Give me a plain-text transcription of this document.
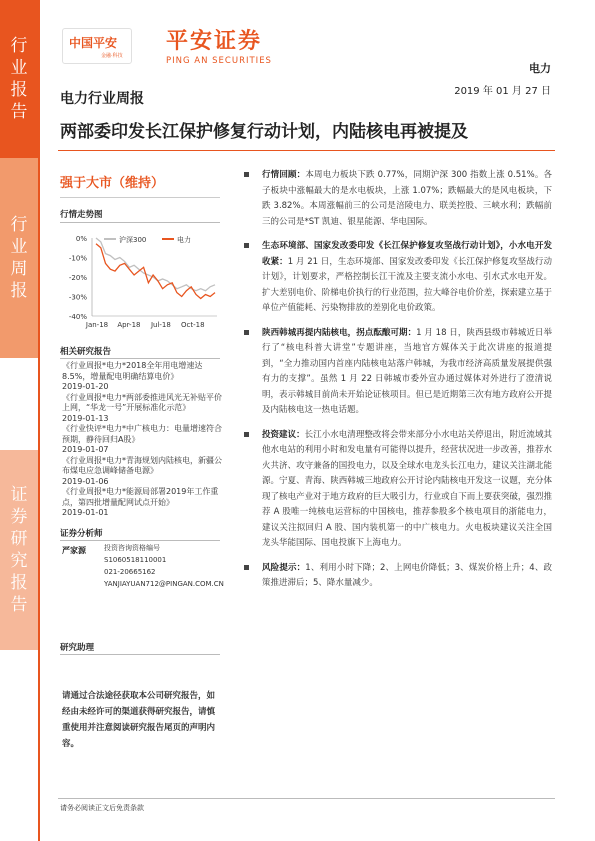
行
业
报
告
行
业
周
报
证
券
研
究
报
告
中国平安
金融·科技
平安证券
PING AN SECURITIES
电力
2019 年 01 月 27 日
电力行业周报
两部委印发长江保护修复行动计划，内陆核电再被提及
强于大市（维持）
行情走势图
0%
-10%
-20%
-30%
-40%
Jan-18 Apr-18 Jul-18 Oct-18
沪深300	电力
相关研究报告
《行业周报*电力*2018全年用电增速达8.5%，增量配电明确结算电价》
2019-01-20
《行业周报*电力*两部委推进风光无补贴平价上网，“华龙一号”开展标准化示范》
2019-01-13
《行业快评*电力*中广核电力：电量增速符合预期，静待回归A股》
2019-01-07
《行业周报*电力*青海规划内陆核电，新疆公布煤电应急调峰储备电源》
2019-01-06
《行业周报*电力*能源局部署2019年工作重点，第四批增量配网试点开始》
2019-01-01
证券分析师
严家源	投资咨询资格编号
S1060518110001
021-20665162
YANJIAYUAN712@PINGAN.COM.CN
研究助理
请通过合法途径获取本公司研究报告，如经由未经许可的渠道获得研究报告，请慎重使用并注意阅读研究报告尾页的声明内容。
行情回顾：本周电力板块下跌 0.77%，同期沪深 300 指数上涨 0.51%。各子板块中涨幅最大的是水电板块，上涨 1.07%；跌幅最大的是风电板块，下跌 3.82%。本周涨幅前三的公司是涪陵电力、联美控股、三峡水利；跌幅前三的公司是*ST 凯迪、银星能源、华电国际。
生态环境部、国家发改委印发《长江保护修复攻坚战行动计划》，小水电开发收紧：1 月 21 日，生态环境部、国家发改委印发《长江保护修复攻坚战行动计划》，计划要求，严格控制长江干流及主要支流小水电、引水式水电开发。扩大差别电价、阶梯电价执行的行业范围，拉大峰谷电价价差，探索建立基于单位产值能耗、污染物排放的差别化电价政策。
陕西韩城再提内陆核电，拐点酝酿可期：1 月 18 日，陕西县级市韩城近日举行了“核电科普大讲堂”专题讲座，当地官方媒体关于此次讲座的报道提到，“全力推动国内首座内陆核电站落户韩城，为我市经济高质量发展提供强有力的支撑”。虽然 1 月 22 日韩城市委外宣办通过媒体对外进行了澄清说明，表示韩城目前尚未开始论证核项目。但已是近期第三次有地方政府公开提及内陆核电这一热电话题。
投资建议：长江小水电清理整改将会带来部分小水电站关停退出，附近流域其他水电站的利用小时和发电量有可能得以提升，经营状况进一步改善，推荐水火共济、攻守兼备的国投电力，以及全球水电龙头长江电力，建议关注湖北能源。宁夏、青海、陕西韩城三地政府公开讨论内陆核电开发这一议题，充分体现了核电产业对于地方政府的巨大吸引力，行业或自下而上要获突破，强烈推荐 A 股唯一纯核电运营标的中国核电，推荐参股多个核电项目的浙能电力，建议关注拟回归 A 股、国内装机第一的中广核电力。火电板块建议关注全国龙头华能国际、国电投旗下上海电力。
风险提示：1、利用小时下降；2、上网电价降低；3、煤炭价格上升；4、政策推进滞后；5、降水量减少。
请务必阅读正文后免责条款
